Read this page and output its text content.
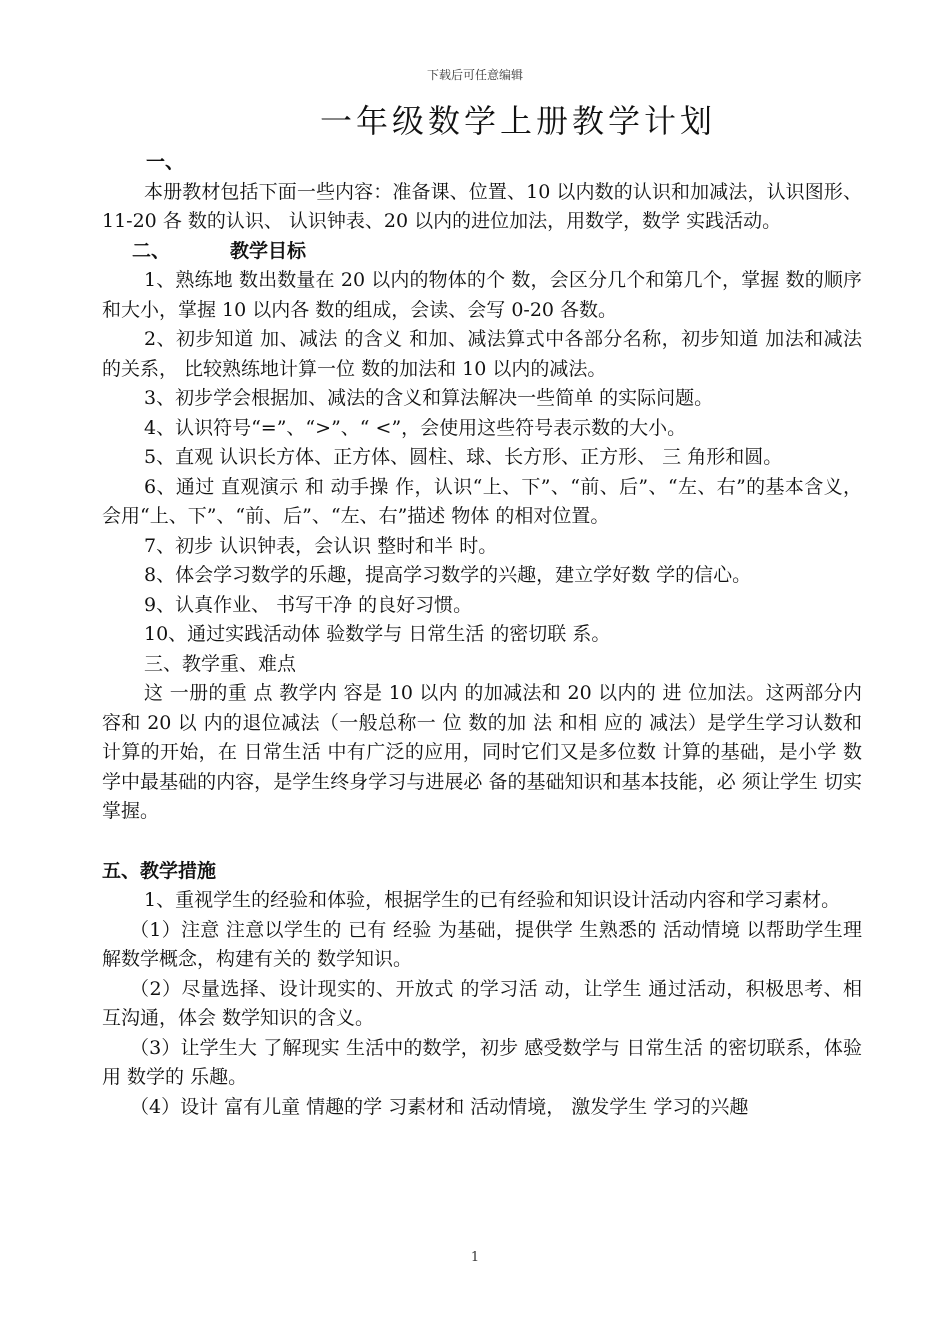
下载后可任意编辑
一年级数学上册教学计划

一、

本册教材包括下面一些内容：准备课、位置、10 以内数的认识和加减法，认识图形、 11-20 各 数的认识、 认识钟表、20 以内的进位加法，用数学，数学 实践活动。

二、	教学目标

1、熟练地 数出数量在 20 以内的物体的个 数，会区分几个和第几个，掌握 数的顺序和大小，掌握 10 以内各 数的组成，会读、会写 0-20 各数。

2、初步知道 加、减法 的含义 和加、减法算式中各部分名称，初步知道 加法和减法的关系， 比较熟练地计算一位 数的加法和 10 以内的减法。

3、初步学会根据加、减法的含义和算法解决一些简单 的实际问题。

4、认识符号“=”、“>”、“ <”，会使用这些符号表示数的大小。

5、直观 认识长方体、正方体、圆柱、球、长方形、正方形、 三 角形和圆。

6、通过 直观演示 和 动手操 作，认识“上、下”、“前、后”、“左、右”的基本含义，会用“上、下”、“前、后”、“左、右”描述 物体 的相对位置。

7、初步 认识钟表，会认识 整时和半 时。

8、体会学习数学的乐趣，提高学习数学的兴趣，建立学好数 学的信心。

9、认真作业、 书写干净 的良好习惯。

10、通过实践活动体 验数学与 日常生活 的密切联 系。

三、教学重、难点

这 一册的重 点 教学内 容是 10 以内 的加减法和 20 以内的 进 位加法。这两部分内容和 20 以 内的退位减法（一般总称一 位 数的加 法 和相 应的 减法）是学生学习认数和计算的开始，在 日常生活 中有广泛的应用，同时它们又是多位数 计算的基础，是小学 数学中最基础的内容，是学生终身学习与进展必 备的基础知识和基本技能，必 须让学生 切实掌握。

五、教学措施

1、重视学生的经验和体验，根据学生的已有经验和知识设计活动内容和学习素材。

（1）注意 注意以学生的 已有 经验 为基础，提供学 生熟悉的 活动情境 以帮助学生理解数学概念，构建有关的 数学知识。

（2）尽量选择、设计现实的、开放式 的学习活 动，让学生 通过活动，积极思考、相互沟通，体会 数学知识的含义。

（3）让学生大 了解现实 生活中的数学，初步 感受数学与 日常生活 的密切联系，体验 用 数学的 乐趣。

（4）设计 富有儿童 情趣的学 习素材和 活动情境， 激发学生 学习的兴趣

1
